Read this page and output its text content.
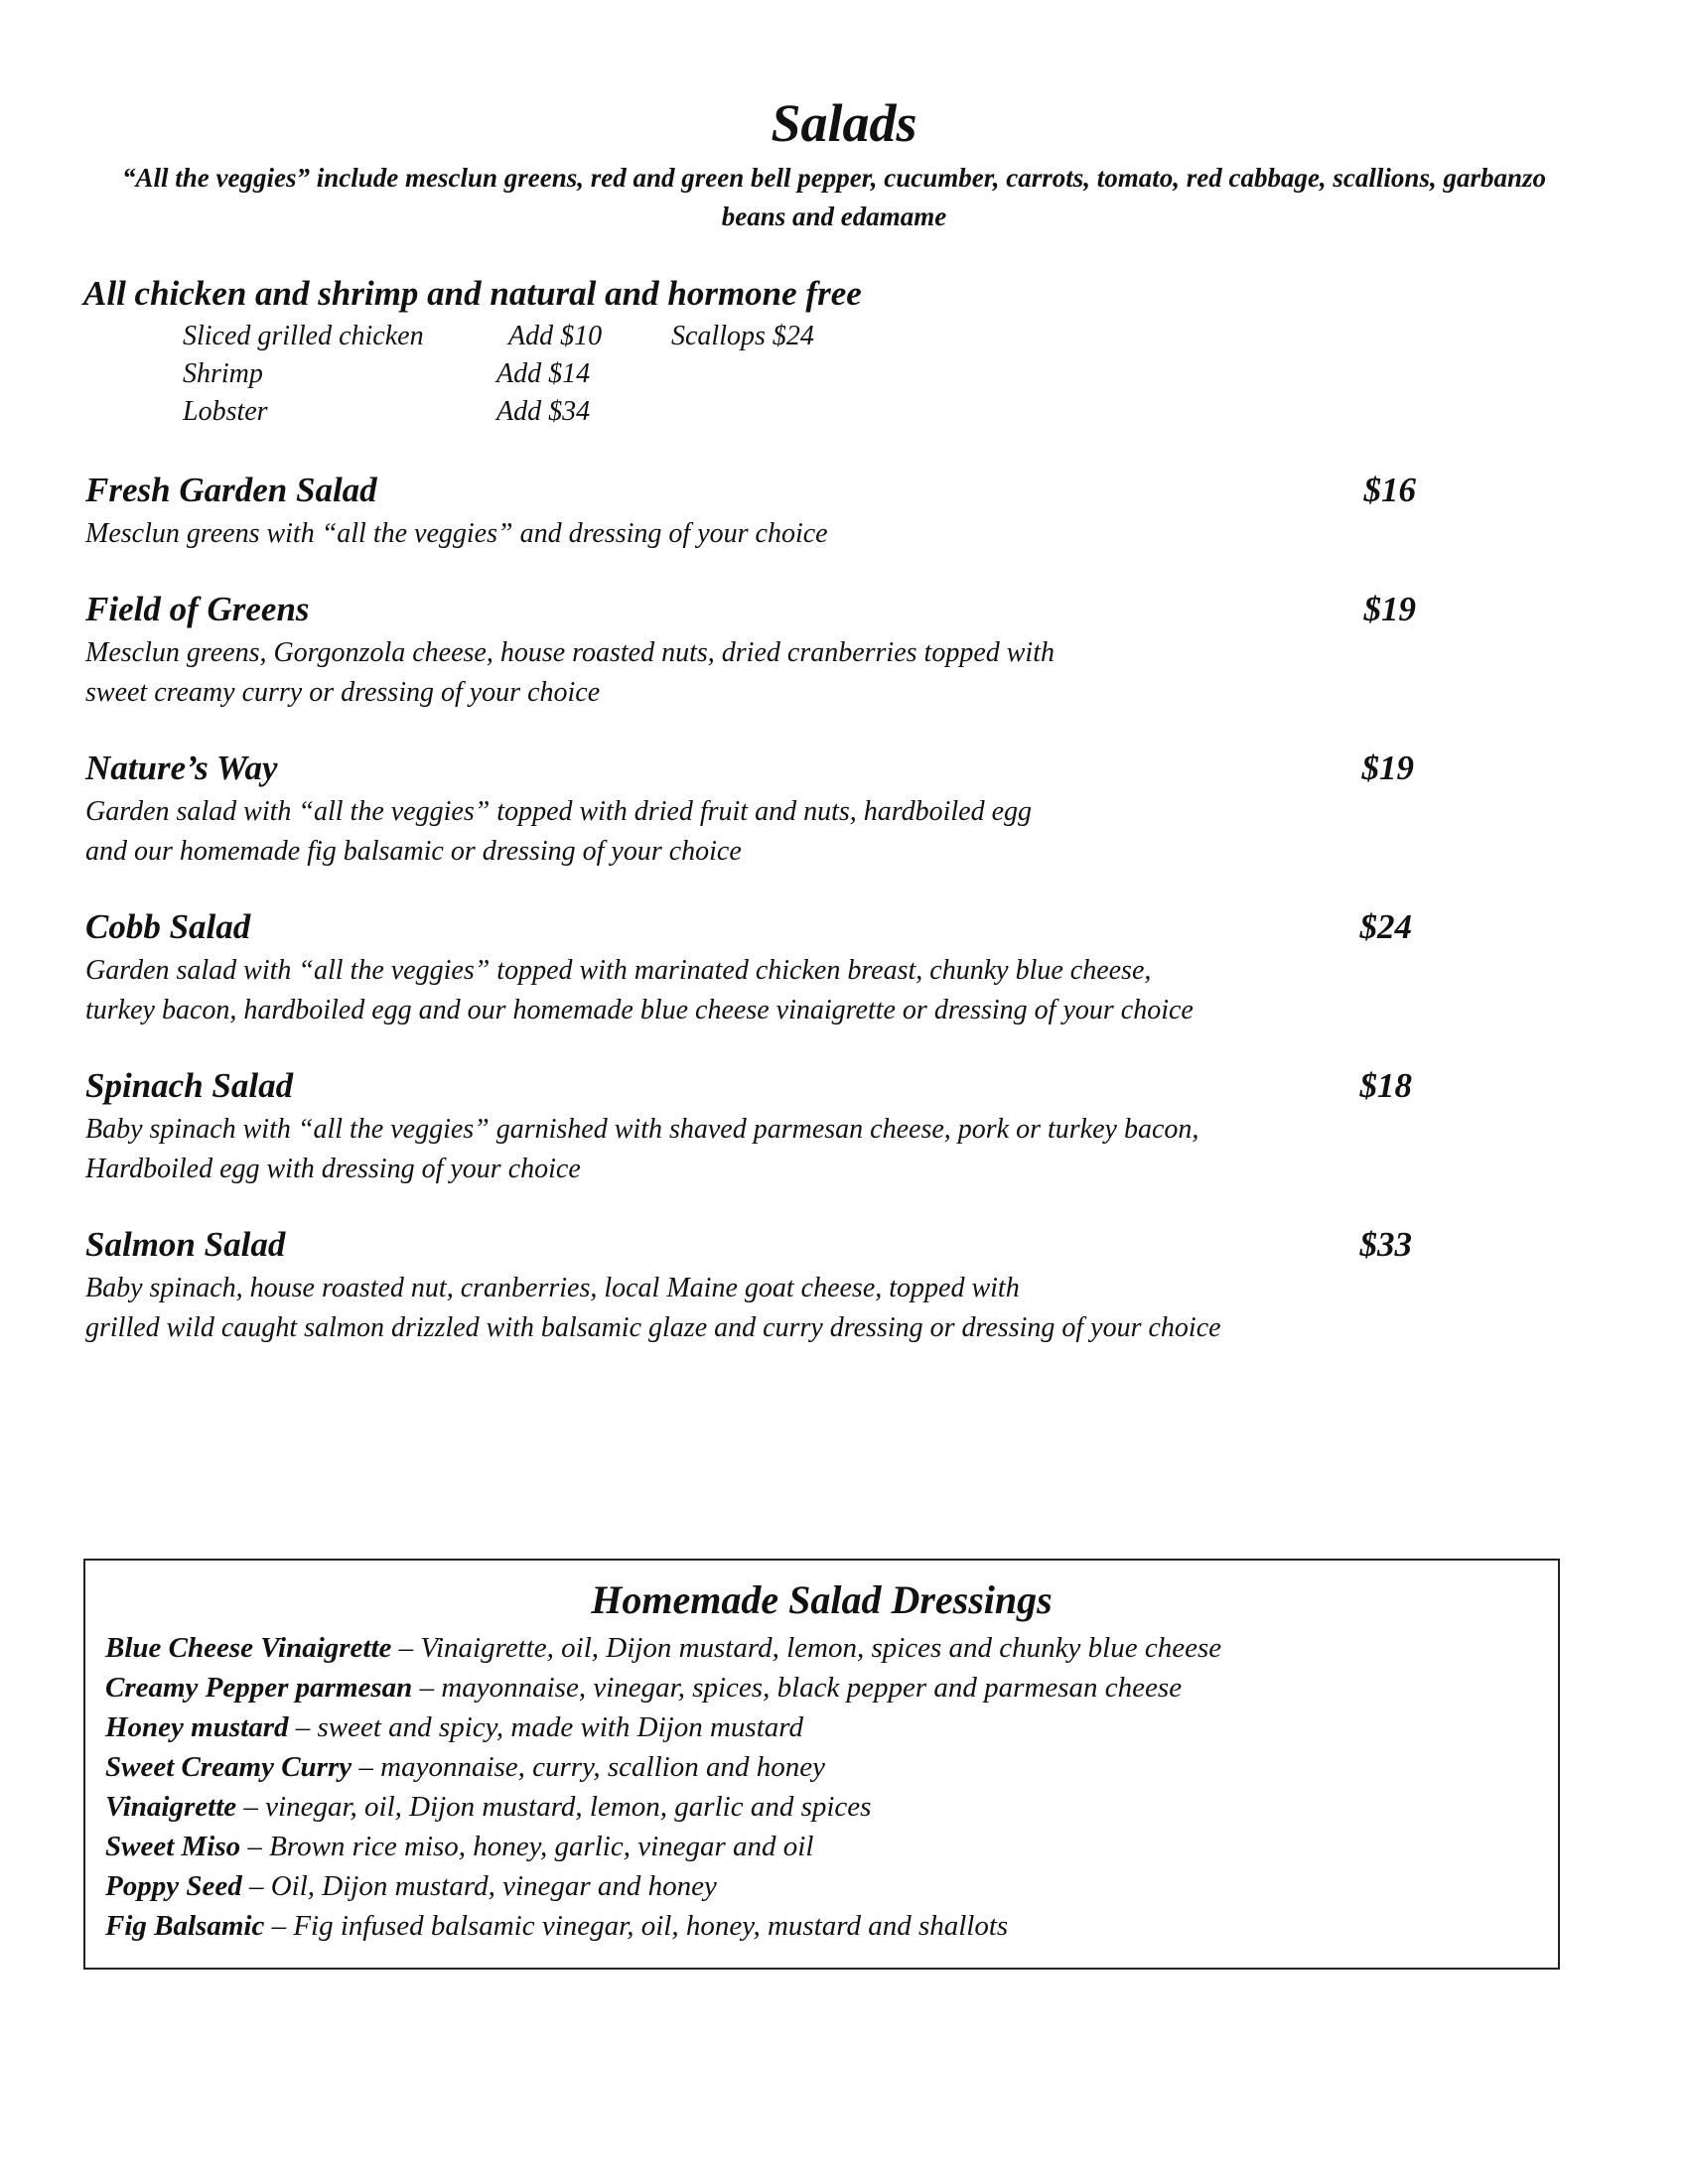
Salads
“All the veggies” include mesclun greens, red and green bell pepper, cucumber, carrots, tomato, red cabbage, scallions, garbanzo beans and edamame
All chicken and shrimp and natural and hormone free
Sliced grilled chicken	Add $10 Scallops $24
Shrimp	Add $14
Lobster	Add $34
Fresh Garden Salad	$16
Mesclun greens with “all the veggies” and dressing of your choice
Field of Greens	$19
Mesclun greens, Gorgonzola cheese, house roasted nuts, dried cranberries topped with
sweet creamy curry or dressing of your choice
Nature’s Way	$19
Garden salad with “all the veggies” topped with dried fruit and nuts, hardboiled egg
and our homemade fig balsamic or dressing of your choice
Cobb Salad	$24
Garden salad with “all the veggies” topped with marinated chicken breast, chunky blue cheese,
turkey bacon, hardboiled egg and our homemade blue cheese vinaigrette or dressing of your choice
Spinach Salad	$18
Baby spinach with “all the veggies” garnished with shaved parmesan cheese, pork or turkey bacon,
Hardboiled egg with dressing of your choice
Salmon Salad	$33
Baby spinach, house roasted nut, cranberries, local Maine goat cheese, topped with
grilled wild caught salmon drizzled with balsamic glaze and curry dressing or dressing of your choice
Homemade Salad Dressings
Blue Cheese Vinaigrette – Vinaigrette, oil, Dijon mustard, lemon, spices and chunky blue cheese
Creamy Pepper parmesan – mayonnaise, vinegar, spices, black pepper and parmesan cheese
Honey mustard – sweet and spicy, made with Dijon mustard
Sweet Creamy Curry – mayonnaise, curry, scallion and honey
Vinaigrette – vinegar, oil, Dijon mustard, lemon, garlic and spices
Sweet Miso – Brown rice miso, honey, garlic, vinegar and oil
Poppy Seed – Oil, Dijon mustard, vinegar and honey
Fig Balsamic – Fig infused balsamic vinegar, oil, honey, mustard and shallots
